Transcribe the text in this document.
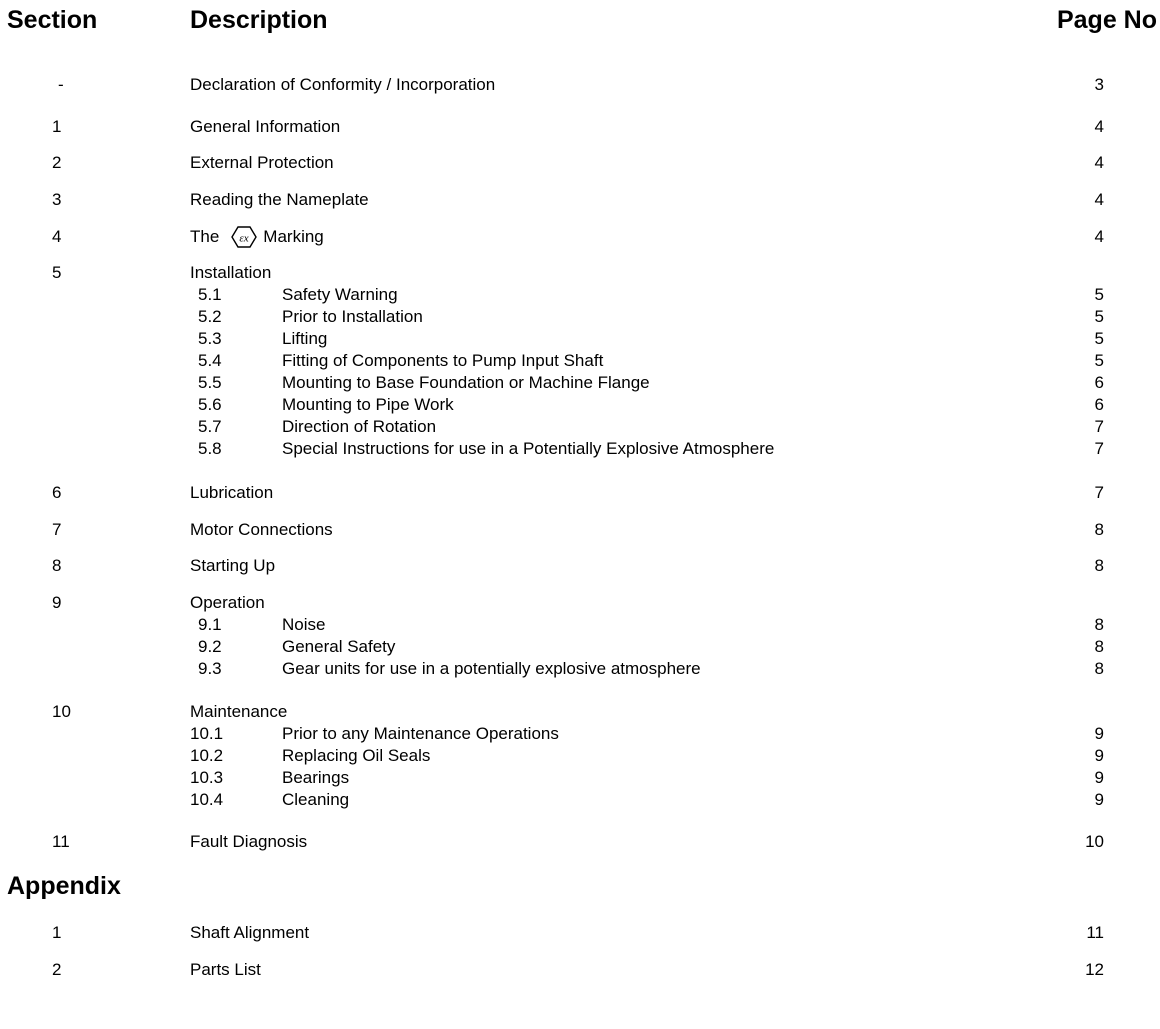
Section	Description	Page No
-	Declaration of Conformity / Incorporation	3
1	General Information	4
2	External Protection	4
3	Reading the Nameplate	4
4	The εx Marking	4
5	Installation
5.1	Safety Warning	5
5.2	Prior to Installation	5
5.3	Lifting	5
5.4	Fitting of Components to Pump Input Shaft	5
5.5	Mounting to Base Foundation or Machine Flange	6
5.6	Mounting to Pipe Work	6
5.7	Direction of Rotation	7
5.8	Special Instructions for use in a Potentially Explosive Atmosphere	7
6	Lubrication	7
7	Motor Connections	8
8	Starting Up	8
9	Operation
9.1	Noise	8
9.2	General Safety	8
9.3	Gear units for use in a potentially explosive atmosphere	8
10	Maintenance
10.1	Prior to any Maintenance Operations	9
10.2	Replacing Oil Seals	9
10.3	Bearings	9
10.4	Cleaning	9
11	Fault Diagnosis	10
Appendix
1	Shaft Alignment	11
2	Parts List	12
